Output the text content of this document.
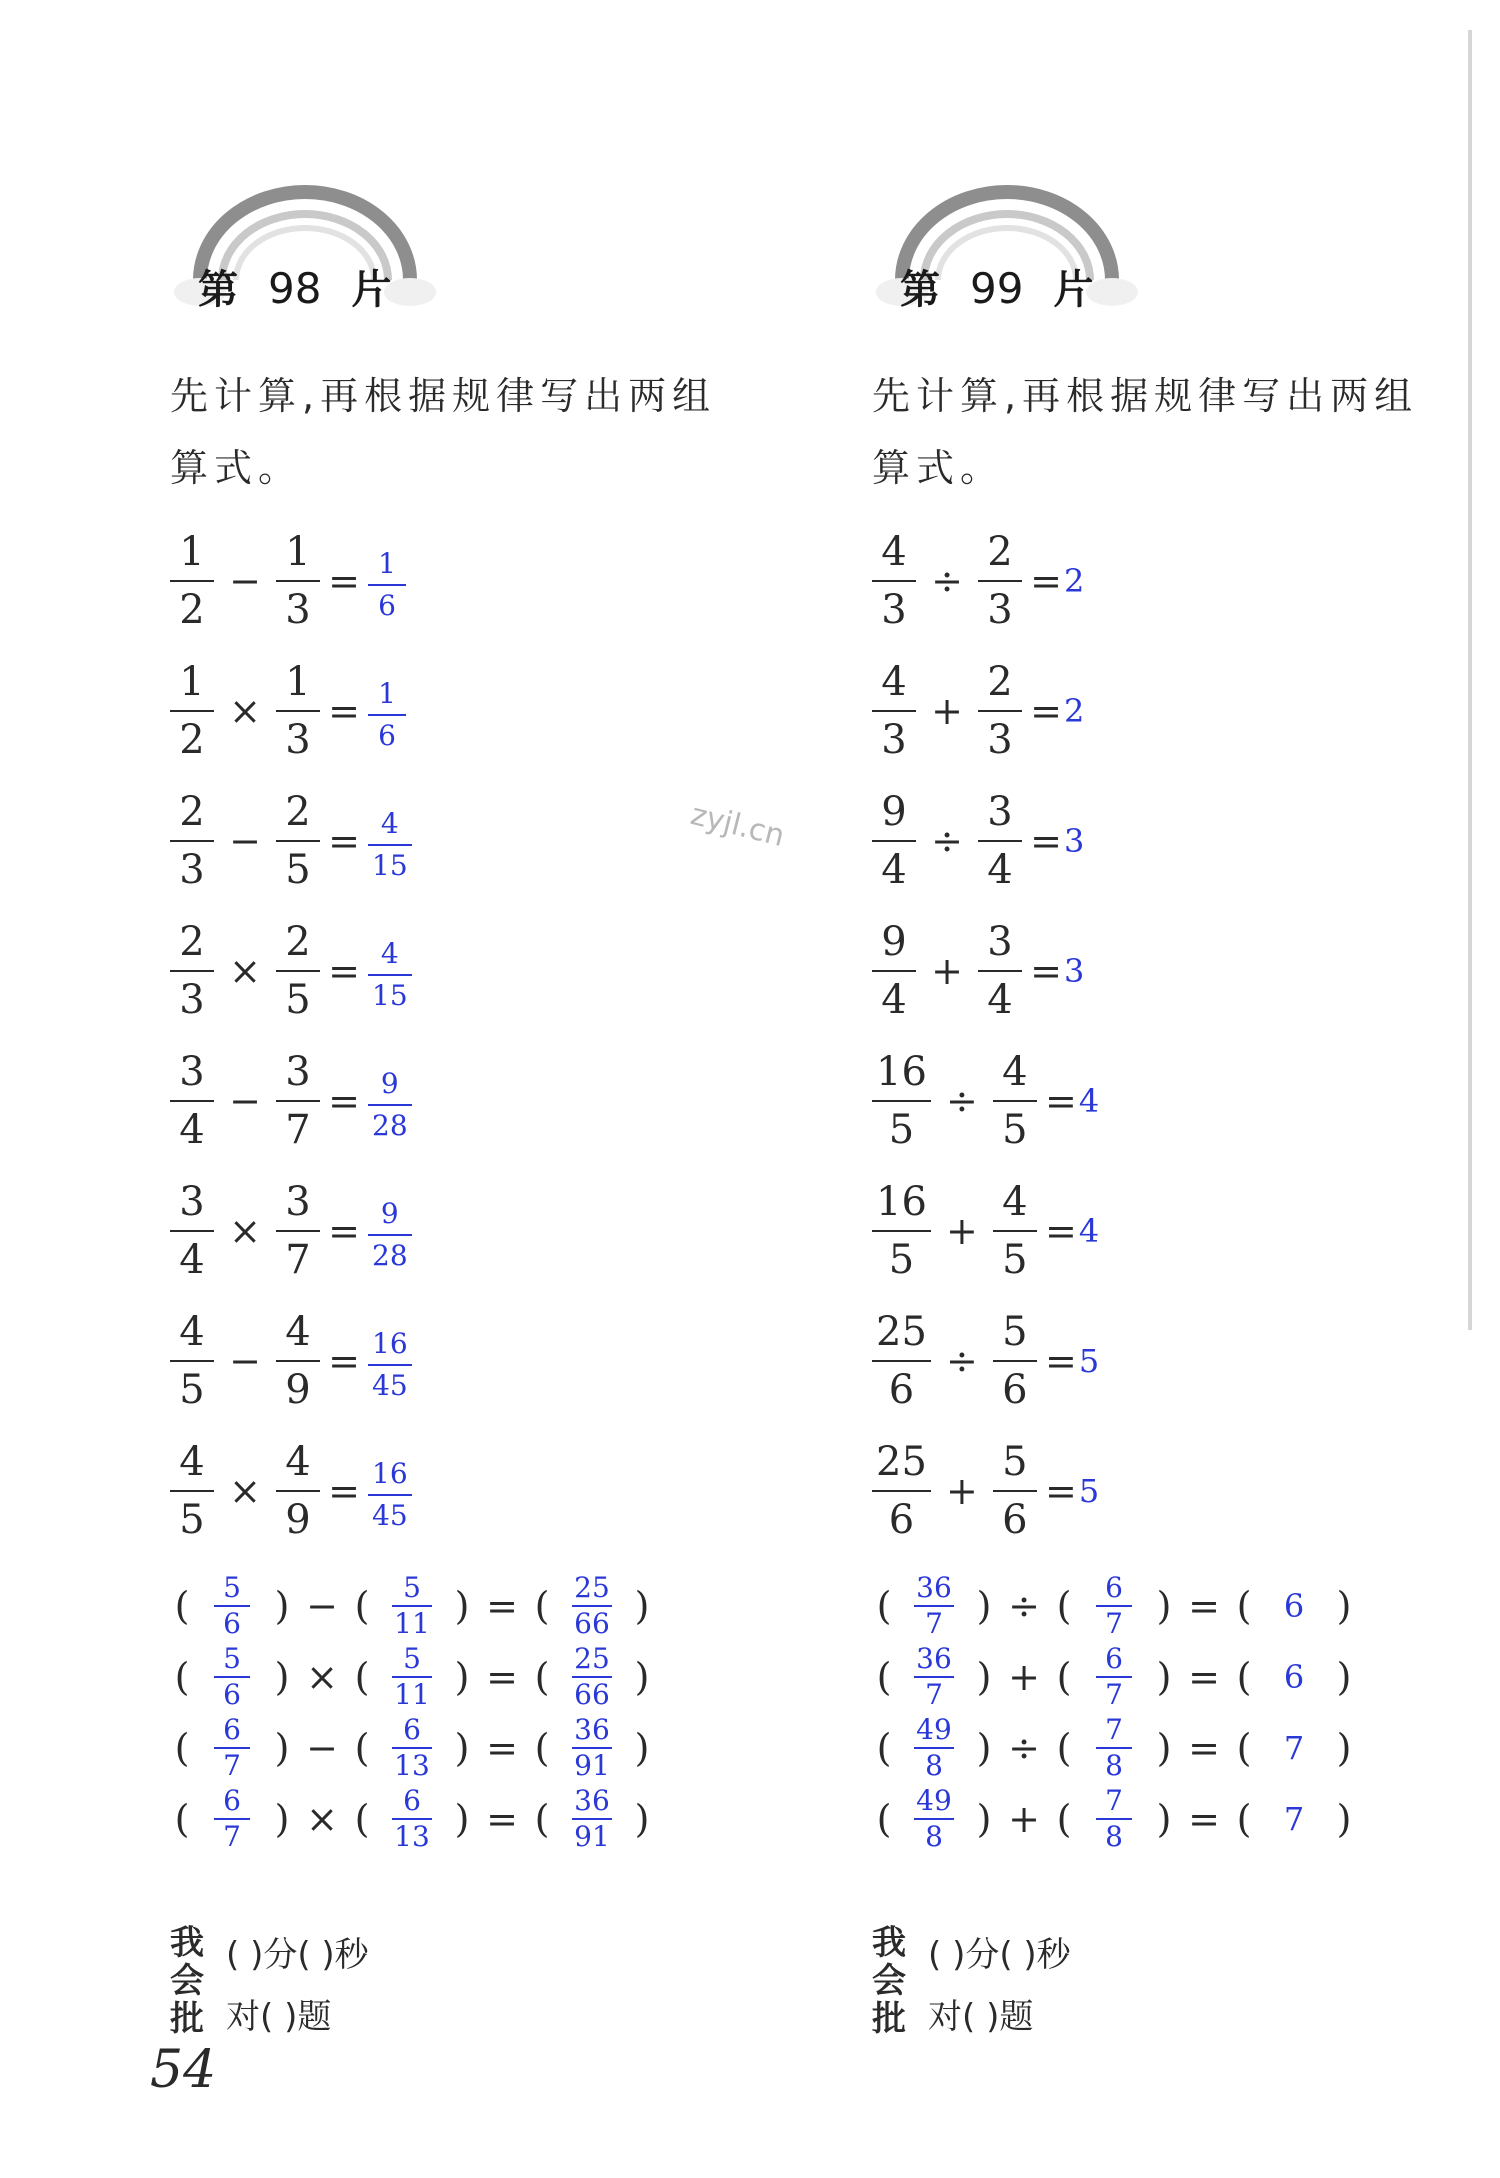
zyjl.cn
第 98 片
先计算,再根据规律写出两组
算式。
$\frac{1}{2} - \frac{1}{3} = \frac{1}{6}$
$\frac{1}{2} \times \frac{1}{3} = \frac{1}{6}$
$\frac{2}{3} - \frac{2}{5} = \frac{4}{15}$
$\frac{2}{3} \times \frac{2}{5} = \frac{4}{15}$
$\frac{3}{4} - \frac{3}{7} = \frac{9}{28}$
$\frac{3}{4} \times \frac{3}{7} = \frac{9}{28}$
$\frac{4}{5} - \frac{4}{9} = \frac{16}{45}$
$\frac{4}{5} \times \frac{4}{9} = \frac{16}{45}$
( $\frac{5}{6}$ ) − ( $\frac{5}{11}$ ) = ( $\frac{25}{66}$ )
( $\frac{5}{6}$ ) × ( $\frac{5}{11}$ ) = ( $\frac{25}{66}$ )
( $\frac{6}{7}$ ) − ( $\frac{6}{13}$ ) = ( $\frac{36}{91}$ )
( $\frac{6}{7}$ ) × ( $\frac{6}{13}$ ) = ( $\frac{36}{91}$ )
我
会
批
( )分( )秒
对( )题
第 99 片
先计算,再根据规律写出两组
算式。
$\frac{4}{3} \div \frac{2}{3} = 2$
$\frac{4}{3} + \frac{2}{3} = 2$
$\frac{9}{4} \div \frac{3}{4} = 3$
$\frac{9}{4} + \frac{3}{4} = 3$
$\frac{16}{5} \div \frac{4}{5} = 4$
$\frac{16}{5} + \frac{4}{5} = 4$
$\frac{25}{6} \div \frac{5}{6} = 5$
$\frac{25}{6} + \frac{5}{6} = 5$
( $\frac{36}{7}$ ) ÷ ( $\frac{6}{7}$ ) = (	6 )
( $\frac{36}{7}$ ) + ( $\frac{6}{7}$ ) = (	6 )
( $\frac{49}{8}$ ) ÷ ( $\frac{7}{8}$ ) = (	7 )
( $\frac{49}{8}$ ) + ( $\frac{7}{8}$ ) = (	7 )
我
会
批
( )分( )秒
对( )题
54
